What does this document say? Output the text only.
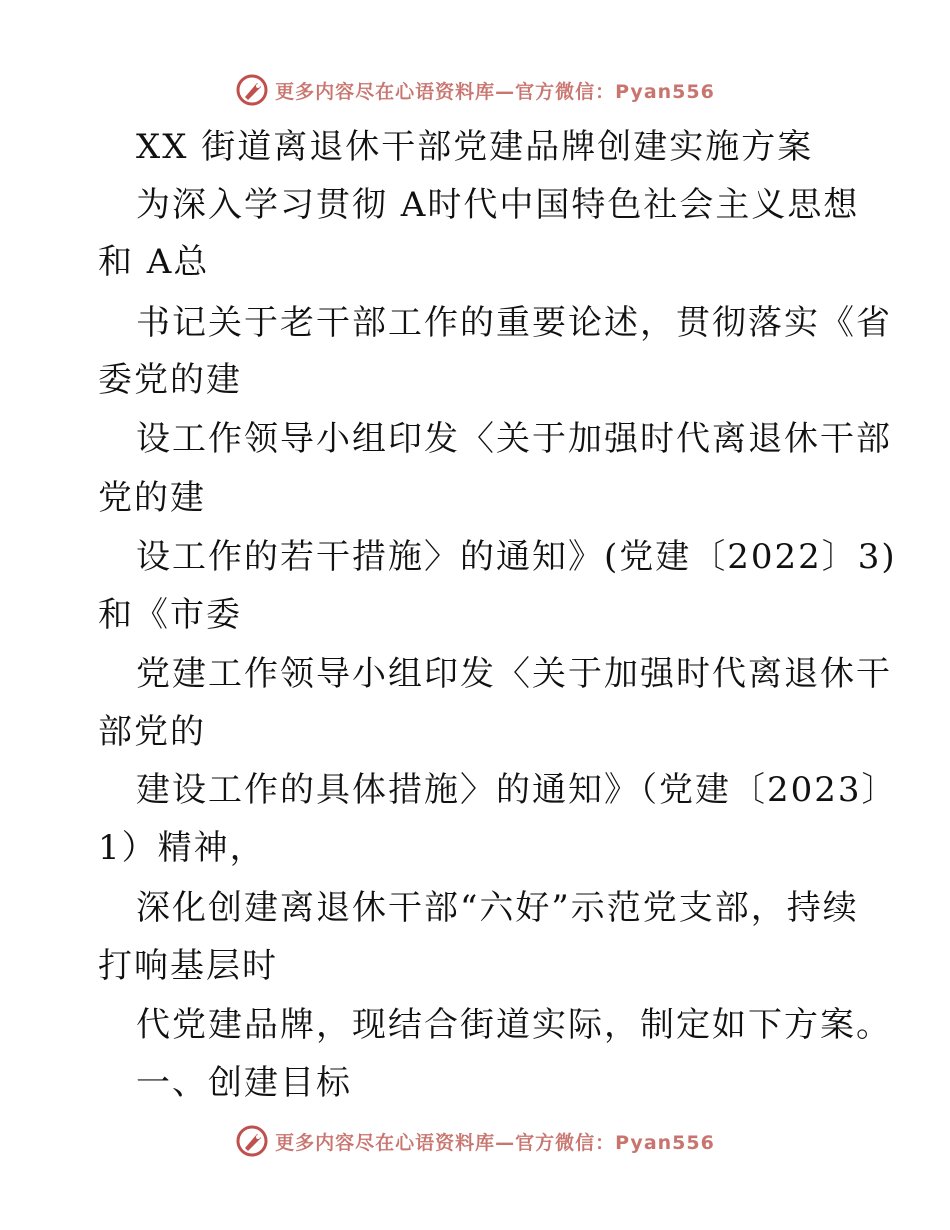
更多内容尽在心语资料库—官方微信：Pyan556
XX 街道离退休干部党建品牌创建实施方案
为深入学习贯彻 A时代中国特色社会主义思想
和 A总
书记关于老干部工作的重要论述，贯彻落实《省
委党的建
设工作领导小组印发〈关于加强时代离退休干部
党的建
设工作的若干措施〉的通知》(党建〔2022〕3)
和《市委
党建工作领导小组印发〈关于加强时代离退休干
部党的
建设工作的具体措施〉的通知》（党建〔2023〕
1）精神，
深化创建离退休干部“六好”示范党支部，持续
打响基层时
代党建品牌，现结合街道实际，制定如下方案。
一、创建目标
更多内容尽在心语资料库—官方微信：Pyan556
